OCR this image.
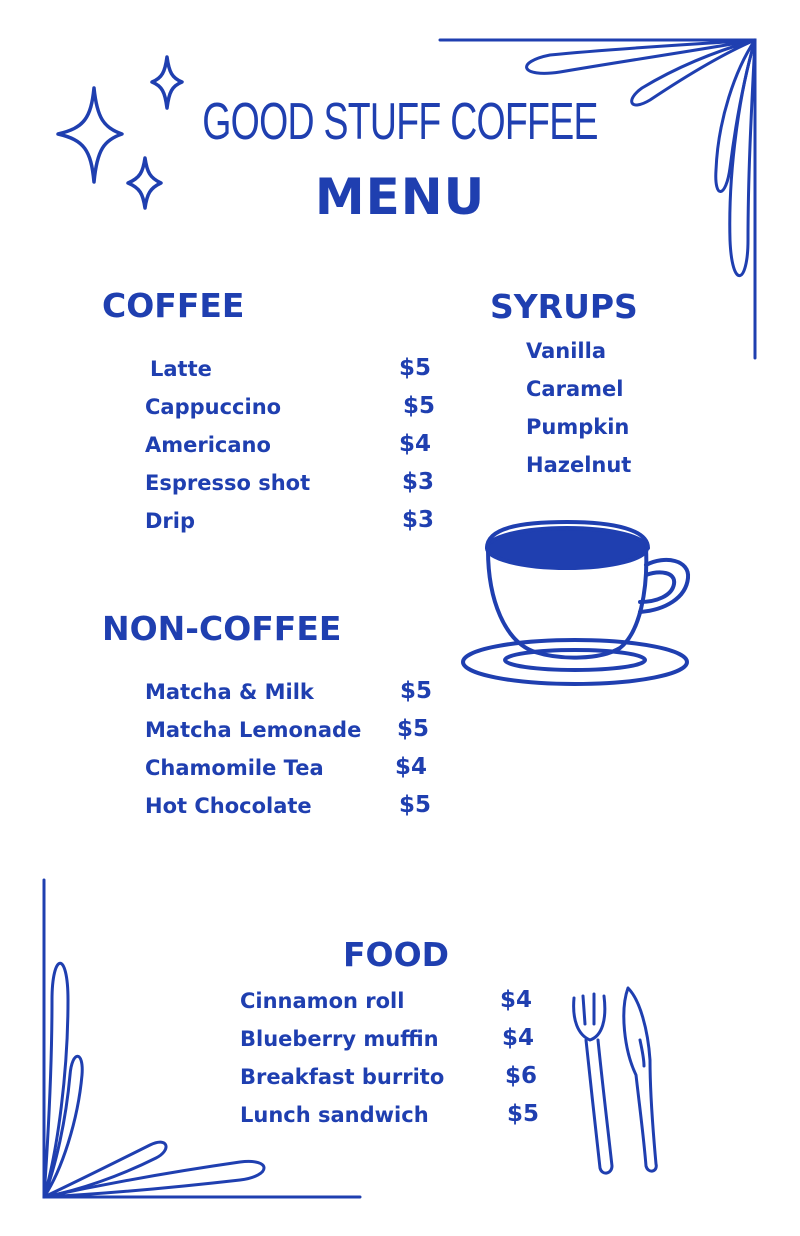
GOOD STUFF COFFEE
MENU
COFFEE
Latte	$5
Cappuccino	$5
Americano	$4
Espresso shot	$3
Drip	$3
SYRUPS
Vanilla
Caramel
Pumpkin
Hazelnut
NON-COFFEE
Matcha & Milk	$5
Matcha Lemonade $5
Chamomile Tea	$4
Hot Chocolate	$5
FOOD
Cinnamon roll	$4
Blueberry muffin	$4
Breakfast burrito	$6
Lunch sandwich	$5
